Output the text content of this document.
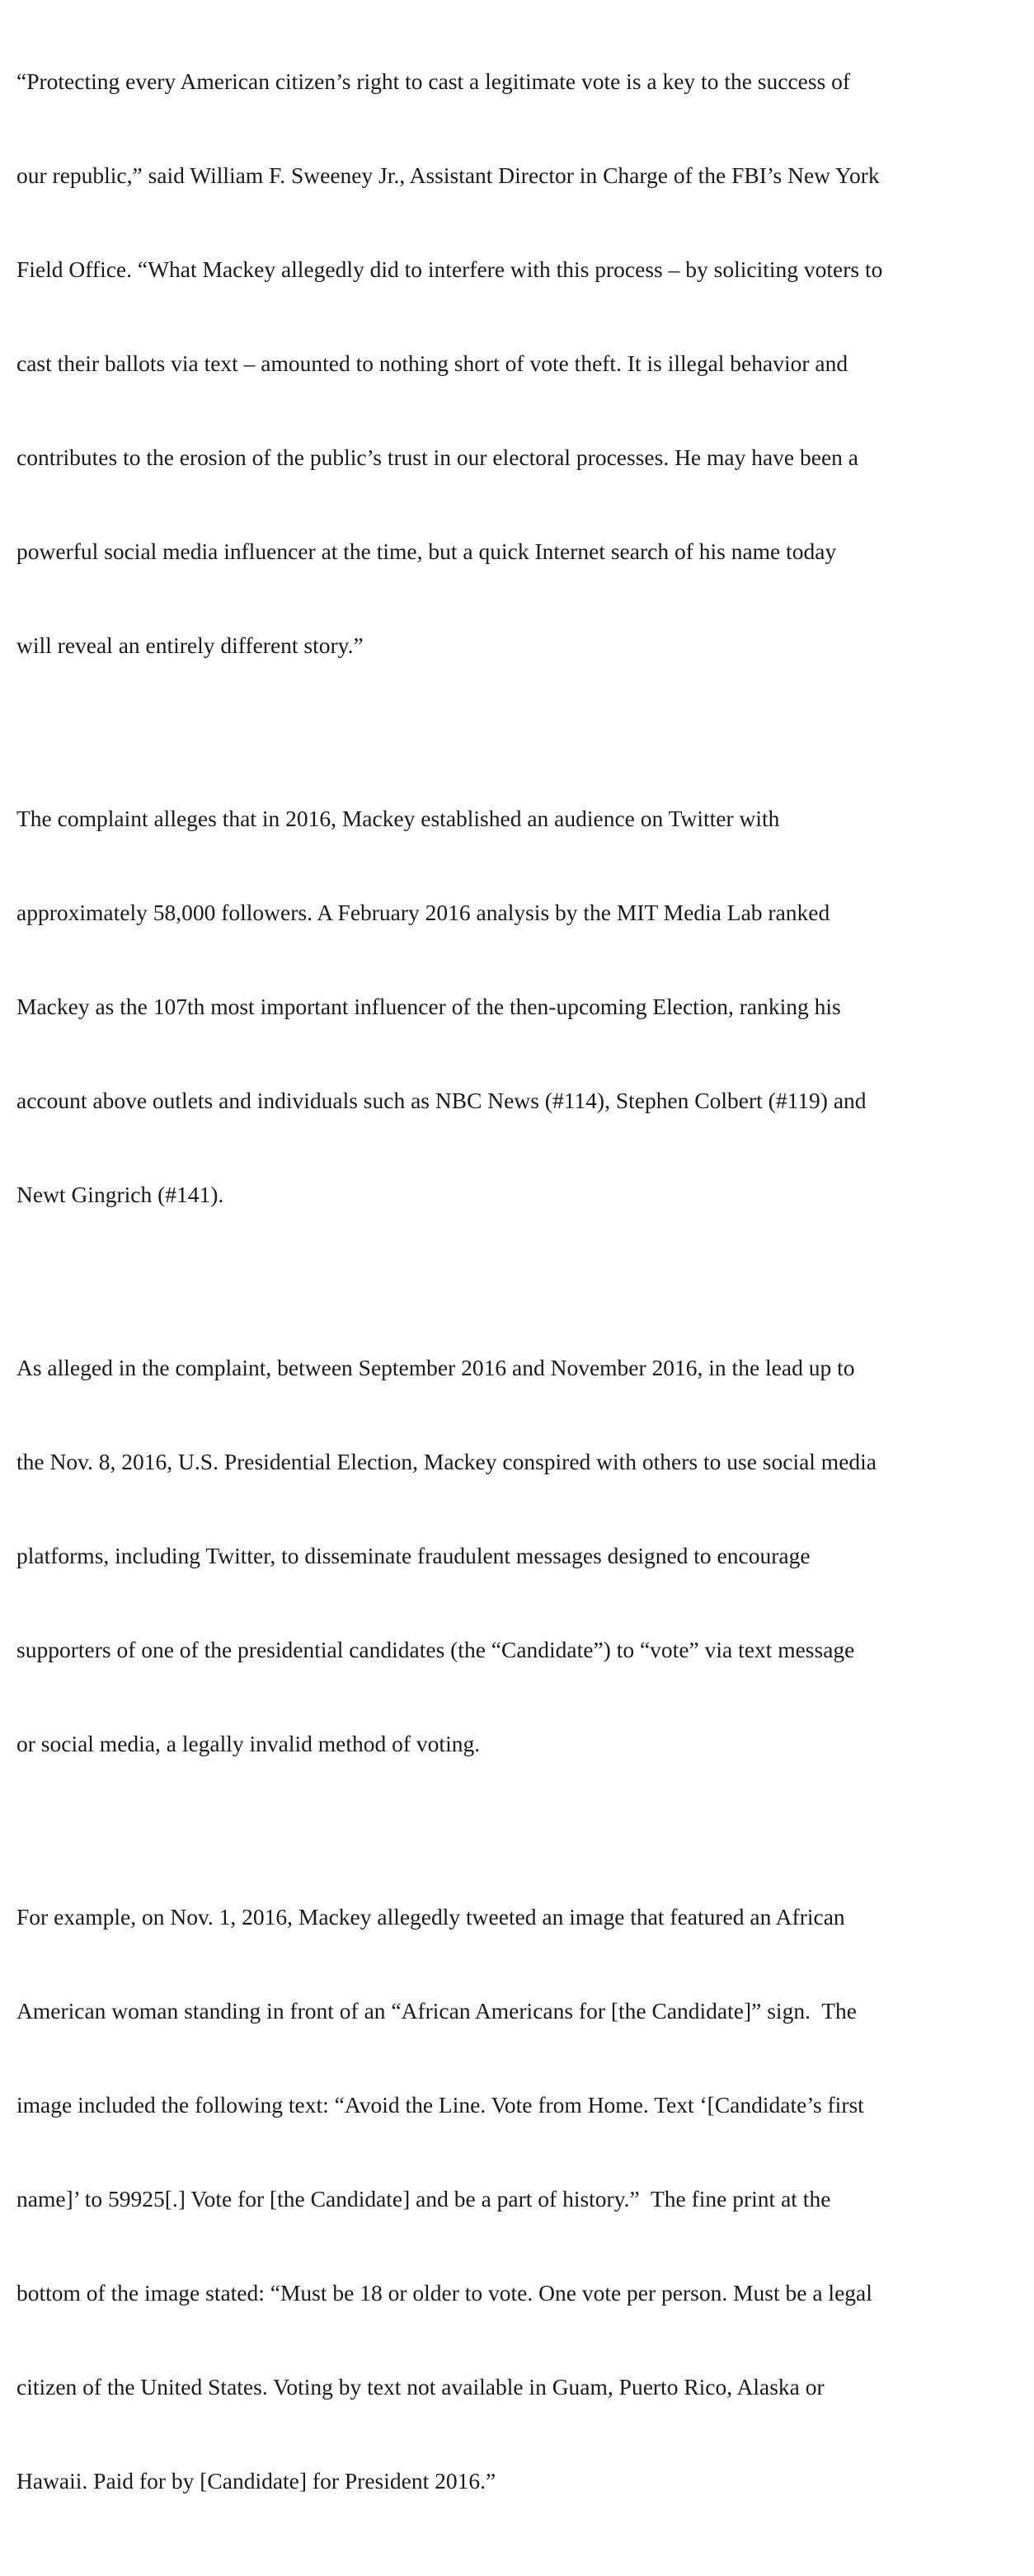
“Protecting every American citizen’s right to cast a legitimate vote is a key to the success of

our republic,” said William F. Sweeney Jr., Assistant Director in Charge of the FBI’s New York

Field Office. “What Mackey allegedly did to interfere with this process – by soliciting voters to

cast their ballots via text – amounted to nothing short of vote theft. It is illegal behavior and

contributes to the erosion of the public’s trust in our electoral processes. He may have been a

powerful social media influencer at the time, but a quick Internet search of his name today

will reveal an entirely different story.”

The complaint alleges that in 2016, Mackey established an audience on Twitter with

approximately 58,000 followers. A February 2016 analysis by the MIT Media Lab ranked

Mackey as the 107th most important influencer of the then-upcoming Election, ranking his

account above outlets and individuals such as NBC News (#114), Stephen Colbert (#119) and

Newt Gingrich (#141).

As alleged in the complaint, between September 2016 and November 2016, in the lead up to

the Nov. 8, 2016, U.S. Presidential Election, Mackey conspired with others to use social media

platforms, including Twitter, to disseminate fraudulent messages designed to encourage

supporters of one of the presidential candidates (the “Candidate”) to “vote” via text message

or social media, a legally invalid method of voting.

For example, on Nov. 1, 2016, Mackey allegedly tweeted an image that featured an African

American woman standing in front of an “African Americans for [the Candidate]” sign.  The

image included the following text: “Avoid the Line. Vote from Home. Text ‘[Candidate’s first

name]’ to 59925[.] Vote for [the Candidate] and be a part of history.”  The fine print at the

bottom of the image stated: “Must be 18 or older to vote. One vote per person. Must be a legal

citizen of the United States. Voting by text not available in Guam, Puerto Rico, Alaska or

Hawaii. Paid for by [Candidate] for President 2016.”
